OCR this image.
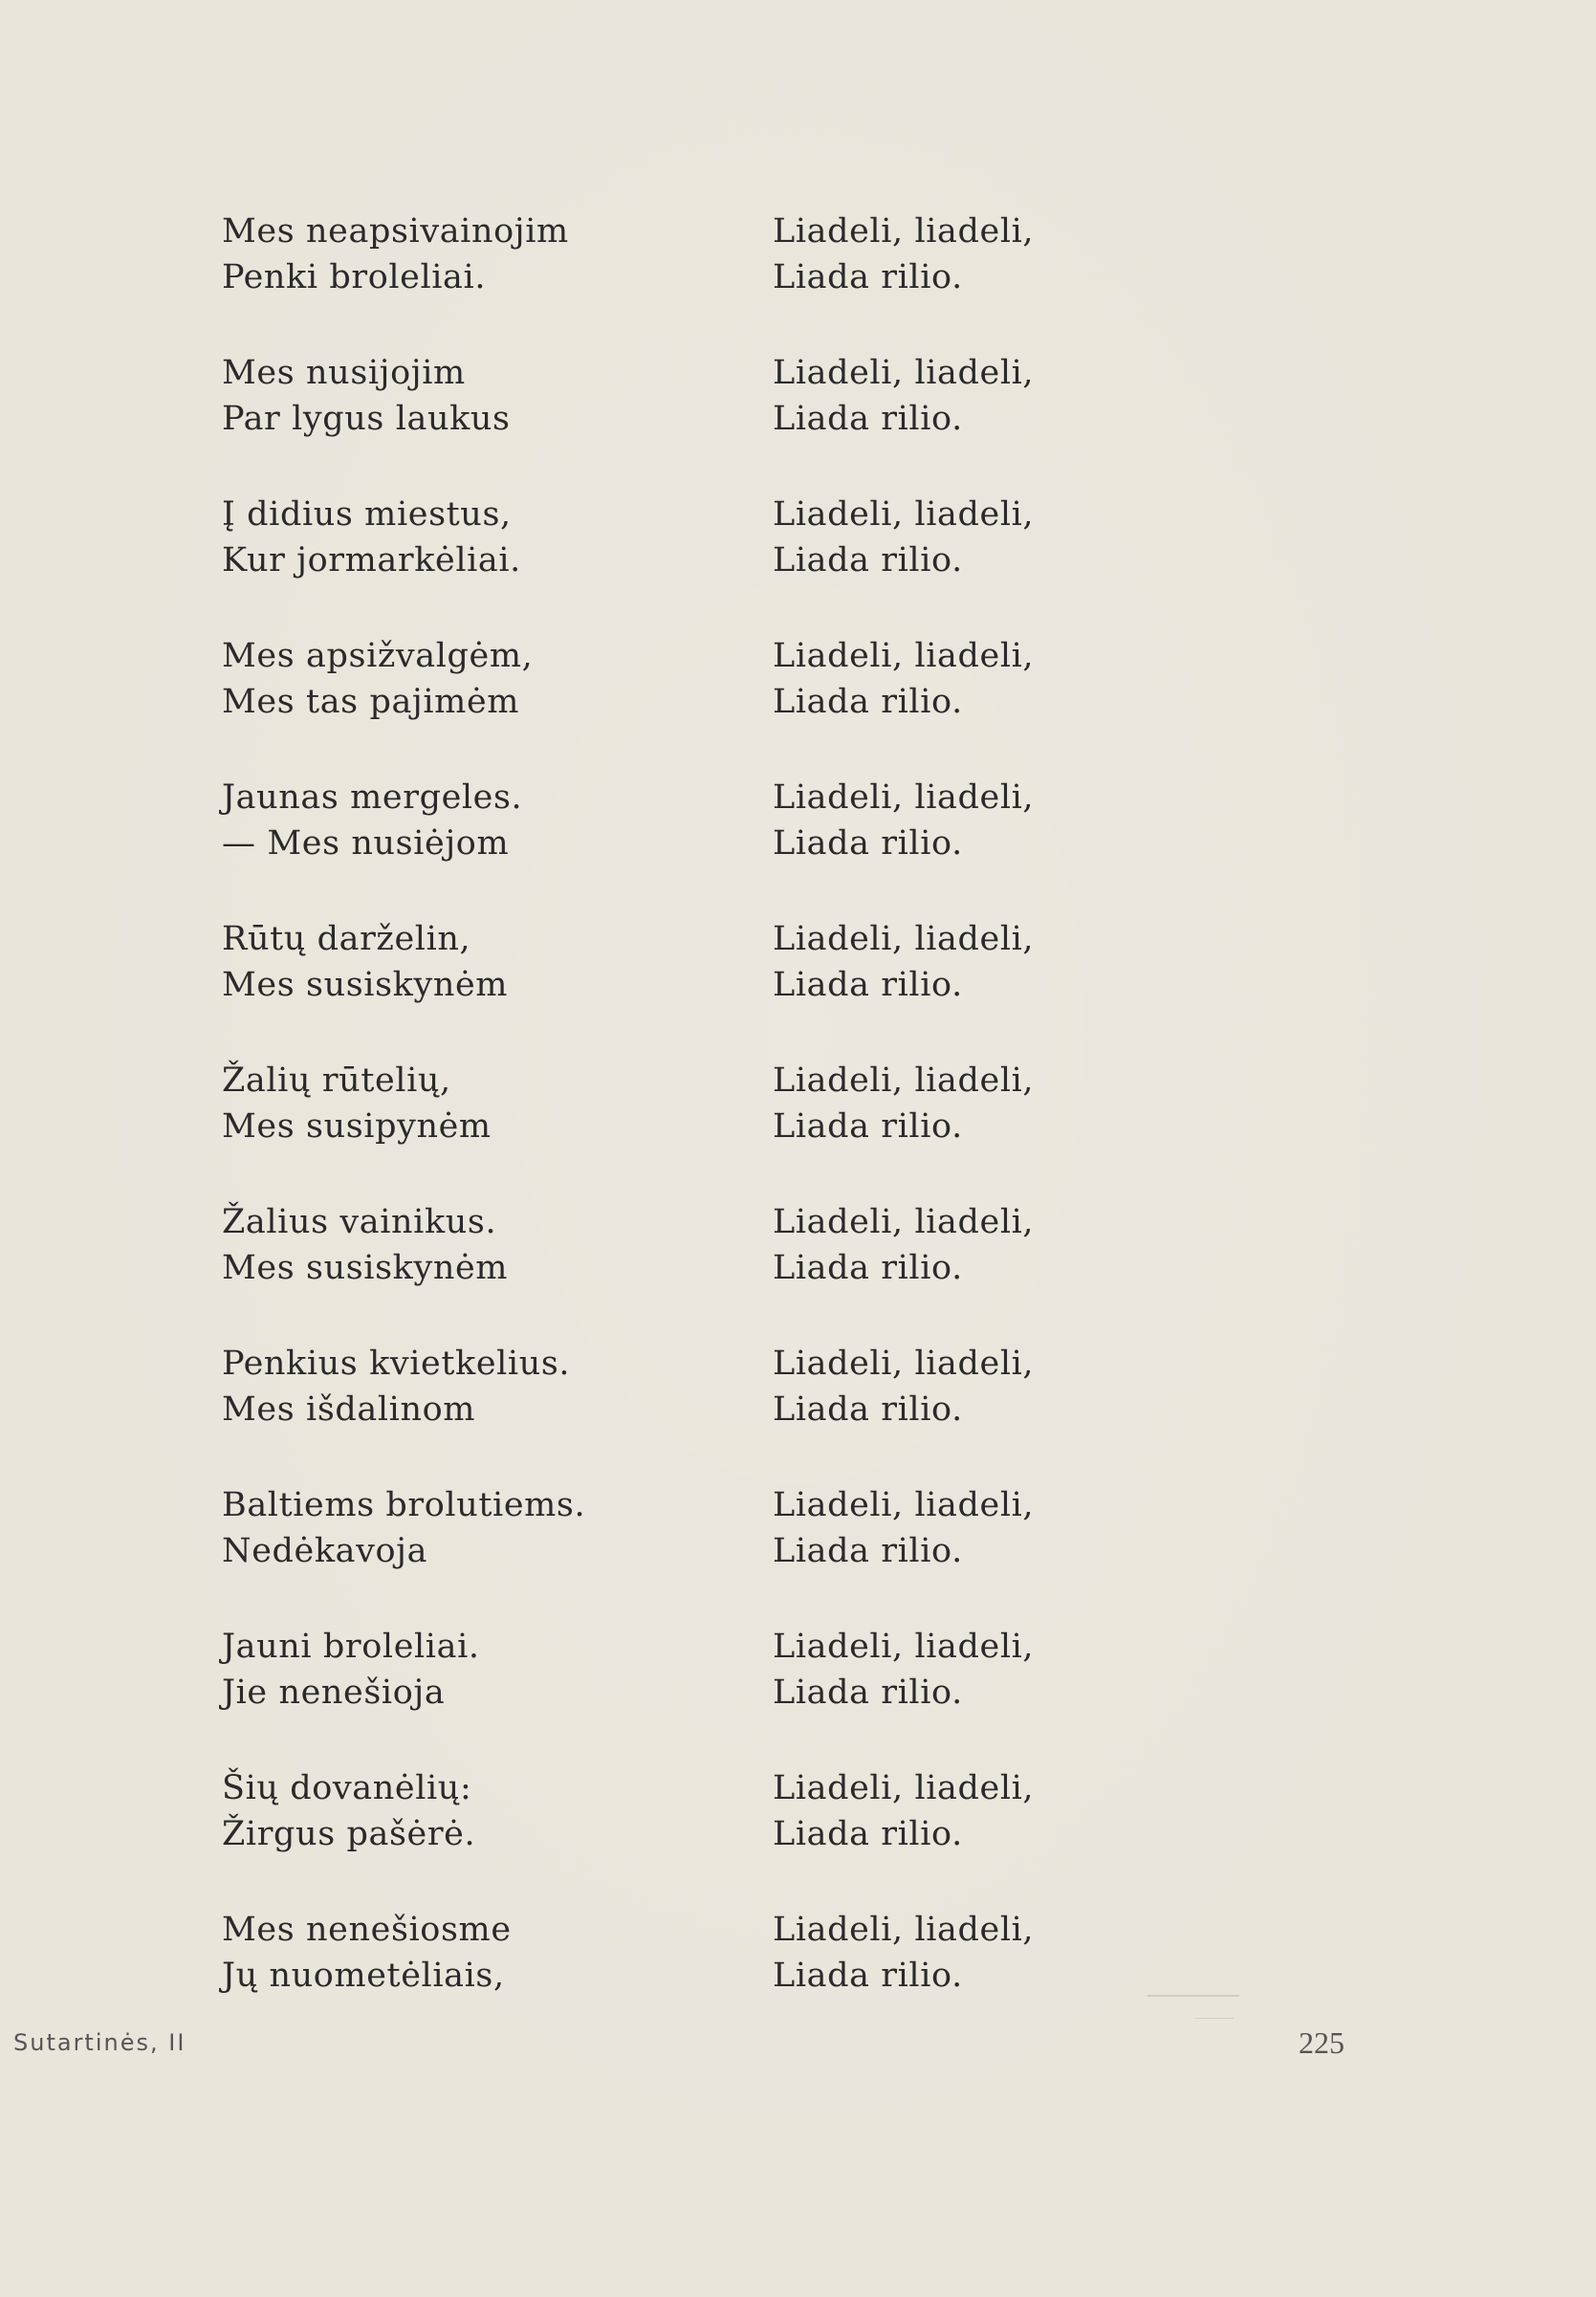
Mes neapsivainojim
Penki broleliai.
Liadeli, liadeli,
Liada rilio.
Mes nusijojim
Par lygus laukus
Liadeli, liadeli,
Liada rilio.
Į didius miestus,
Kur jormarkėliai.
Liadeli, liadeli,
Liada rilio.
Mes apsižvalgėm,
Mes tas pajimėm
Liadeli, liadeli,
Liada rilio.
Jaunas mergeles.
— Mes nusiėjom
Liadeli, liadeli,
Liada rilio.
Rūtų darželin,
Mes susiskynėm
Liadeli, liadeli,
Liada rilio.
Žalių rūtelių,
Mes susipynėm
Liadeli, liadeli,
Liada rilio.
Žalius vainikus.
Mes susiskynėm
Liadeli, liadeli,
Liada rilio.
Penkius kvietkelius.
Mes išdalinom
Liadeli, liadeli,
Liada rilio.
Baltiems brolutiems.
Nedėkavoja
Liadeli, liadeli,
Liada rilio.
Jauni broleliai.
Jie nenešioja
Liadeli, liadeli,
Liada rilio.
Šių dovanėlių:
Žirgus pašėrė.
Liadeli, liadeli,
Liada rilio.
Mes nenešiosme
Jų nuometėliais,
Liadeli, liadeli,
Liada rilio.
Sutartinės, II	225
